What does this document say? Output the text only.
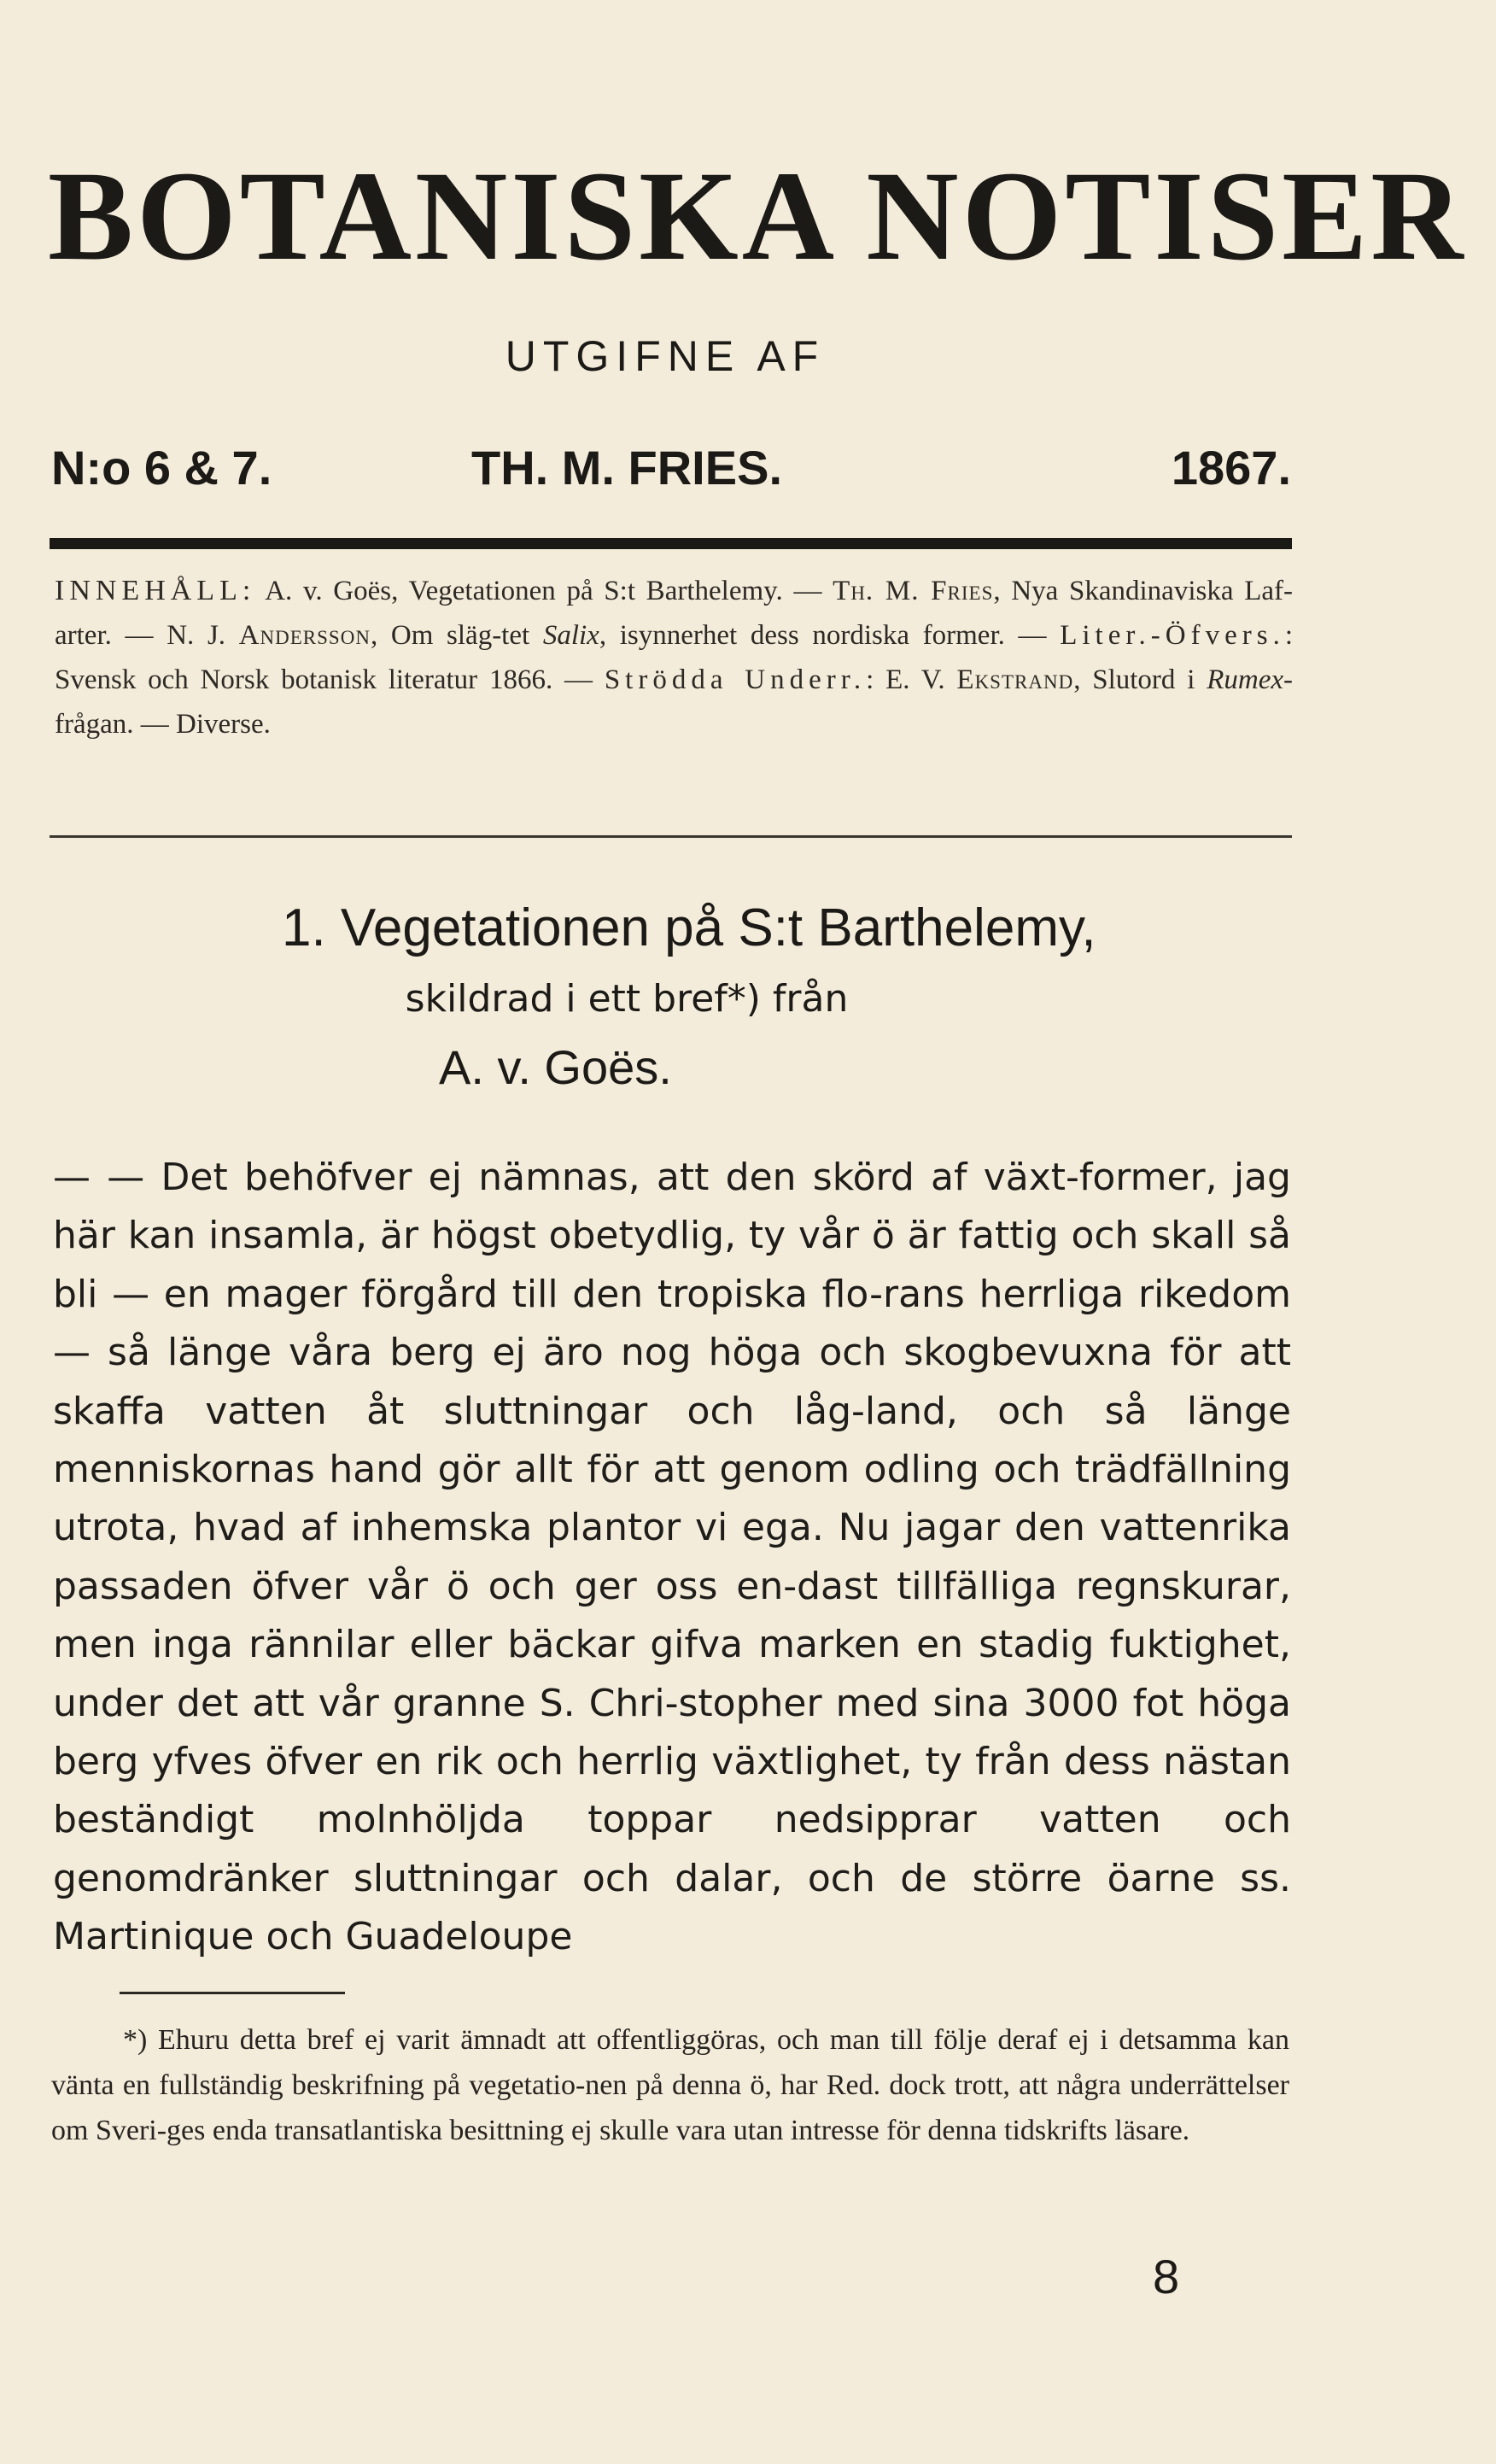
BOTANISKA NOTISER
UTGIFNE AF
N:o 6 & 7.	TH. M. FRIES.	1867.
INNEHÅLL: A. v. Goës, Vegetationen på S:t Barthelemy. — Th. M. Fries, Nya Skandinaviska Laf-arter. — N. J. Andersson, Om släg-tet Salix, isynnerhet dess nordiska former. — Liter.-Öfvers.: Svensk och Norsk botanisk literatur 1866. — Strödda Underr.: E. V. Ekstrand, Slutord i Rumex-frågan. — Diverse.
1. Vegetationen på S:t Barthelemy,
skildrad i ett bref*) från
A. v. Goës.
— — Det behöfver ej nämnas, att den skörd af växt-former, jag här kan insamla, är högst obetydlig, ty vår ö är fattig och skall så bli — en mager förgård till den tropiska flo-rans herrliga rikedom — så länge våra berg ej äro nog höga och skogbevuxna för att skaffa vatten åt sluttningar och låg-land, och så länge menniskornas hand gör allt för att genom odling och trädfällning utrota, hvad af inhemska plantor vi ega. Nu jagar den vattenrika passaden öfver vår ö och ger oss en-dast tillfälliga regnskurar, men inga rännilar eller bäckar gifva marken en stadig fuktighet, under det att vår granne S. Chri-stopher med sina 3000 fot höga berg yfves öfver en rik och herrlig växtlighet, ty från dess nästan beständigt molnhöljda toppar nedsipprar vatten och genomdränker sluttningar och dalar, och de större öarne ss. Martinique och Guadeloupe
*) Ehuru detta bref ej varit ämnadt att offentliggöras, och man till följe deraf ej i detsamma kan vänta en fullständig beskrifning på vegetatio-nen på denna ö, har Red. dock trott, att några underrättelser om Sveri-ges enda transatlantiska besittning ej skulle vara utan intresse för denna tidskrifts läsare.
8
